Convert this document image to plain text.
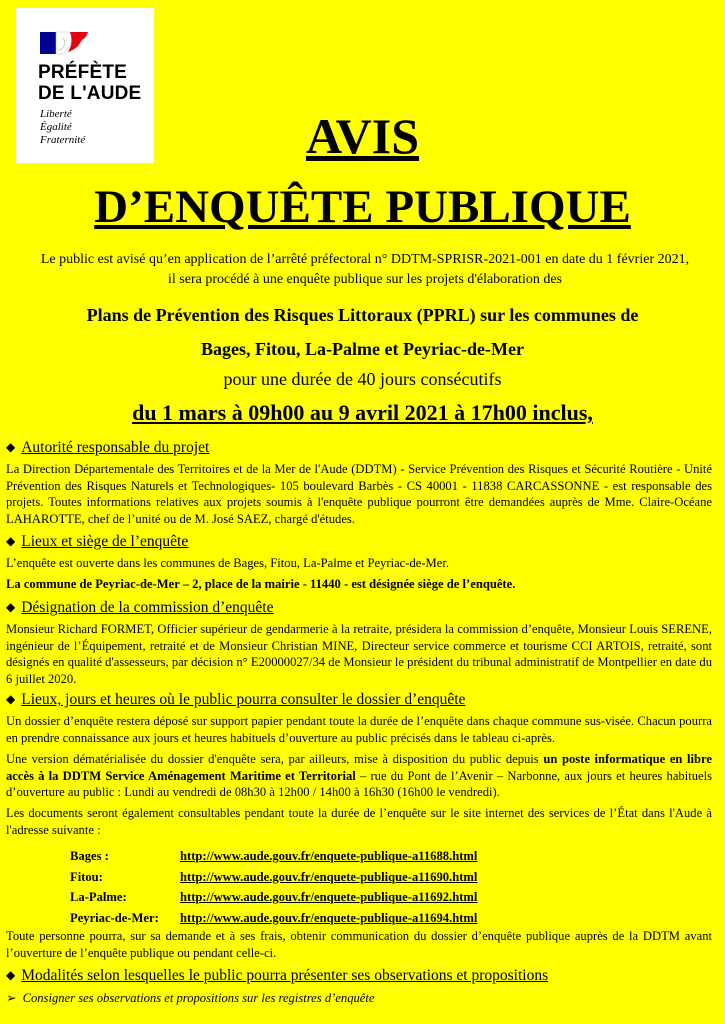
PRÉFÈTE
DE L'AUDE
Liberté
Égalité
Fraternité	AVIS
D’ENQUÊTE PUBLIQUE
Le public est avisé qu’en application de l’arrêté préfectoral n° DDTM-SPRISR-2021-001 en date du 1 février 2021, il sera procédé à une enquête publique sur les projets d'élaboration des
Plans de Prévention des Risques Littoraux (PPRL) sur les communes de
Bages, Fitou, La-Palme et Peyriac-de-Mer
pour une durée de 40 jours consécutifs
du 1 mars à 09h00 au 9 avril 2021 à 17h00 inclus,
◆ Autorité responsable du projet
La Direction Départementale des Territoires et de la Mer de l'Aude (DDTM) - Service Prévention des Risques et Sécurité Routière - Unité Prévention des Risques Naturels et Technologiques- 105 boulevard Barbès - CS 40001 - 11838 CARCASSONNE - est responsable des projets. Toutes informations relatives aux projets soumis à l'enquête publique pourront être demandées auprès de Mme. Claire-Océane LAHAROTTE, chef de l’unité ou de M. José SAEZ, chargé d'études.
◆ Lieux et siège de l’enquête
L’enquête est ouverte dans les communes de Bages, Fitou, La-Palme et Peyriac-de-Mer.
La commune de Peyriac-de-Mer – 2, place de la mairie - 11440 - est désignée siège de l’enquête.
◆ Désignation de la commission d’enquête
Monsieur Richard FORMET, Officier supérieur de gendarmerie à la retraite, présidera la commission d’enquête, Monsieur Louis SERENE, ingénieur de l’Équipement, retraité et de Monsieur Christian MINE, Directeur service commerce et tourisme CCI ARTOIS, retraité, sont désignés en qualité d'assesseurs, par décision n° E20000027/34 de Monsieur le président du tribunal administratif de Montpellier en date du 6 juillet 2020.
◆ Lieux, jours et heures où le public pourra consulter le dossier d’enquête
Un dossier d’enquête restera déposé sur support papier pendant toute la durée de l’enquête dans chaque commune sus-visée. Chacun pourra en prendre connaissance aux jours et heures habituels d’ouverture au public précisés dans le tableau ci-après.
Une version dématérialisée du dossier d'enquête sera, par ailleurs, mise à disposition du public depuis un poste informatique en libre accès à la DDTM Service Aménagement Maritime et Territorial – rue du Pont de l’Avenir – Narbonne, aux jours et heures habituels d’ouverture au public : Lundi au vendredi de 08h30 à 12h00 / 14h00 à 16h30 (16h00 le vendredi).
Les documents seront également consultables pendant toute la durée de l’enquête sur le site internet des services de l’État dans l'Aude à l'adresse suivante :
Bages :	http://www.aude.gouv.fr/enquete-publique-a11688.html
Fitou:	http://www.aude.gouv.fr/enquete-publique-a11690.html
La-Palme:	http://www.aude.gouv.fr/enquete-publique-a11692.html
Peyriac-de-Mer:	http://www.aude.gouv.fr/enquete-publique-a11694.html
Toute personne pourra, sur sa demande et à ses frais, obtenir communication du dossier d’enquête publique auprès de la DDTM avant l’ouverture de l’enquête publique ou pendant celle-ci.
◆ Modalités selon lesquelles le public pourra présenter ses observations et propositions
➢ Consigner ses observations et propositions sur les registres d’enquête
